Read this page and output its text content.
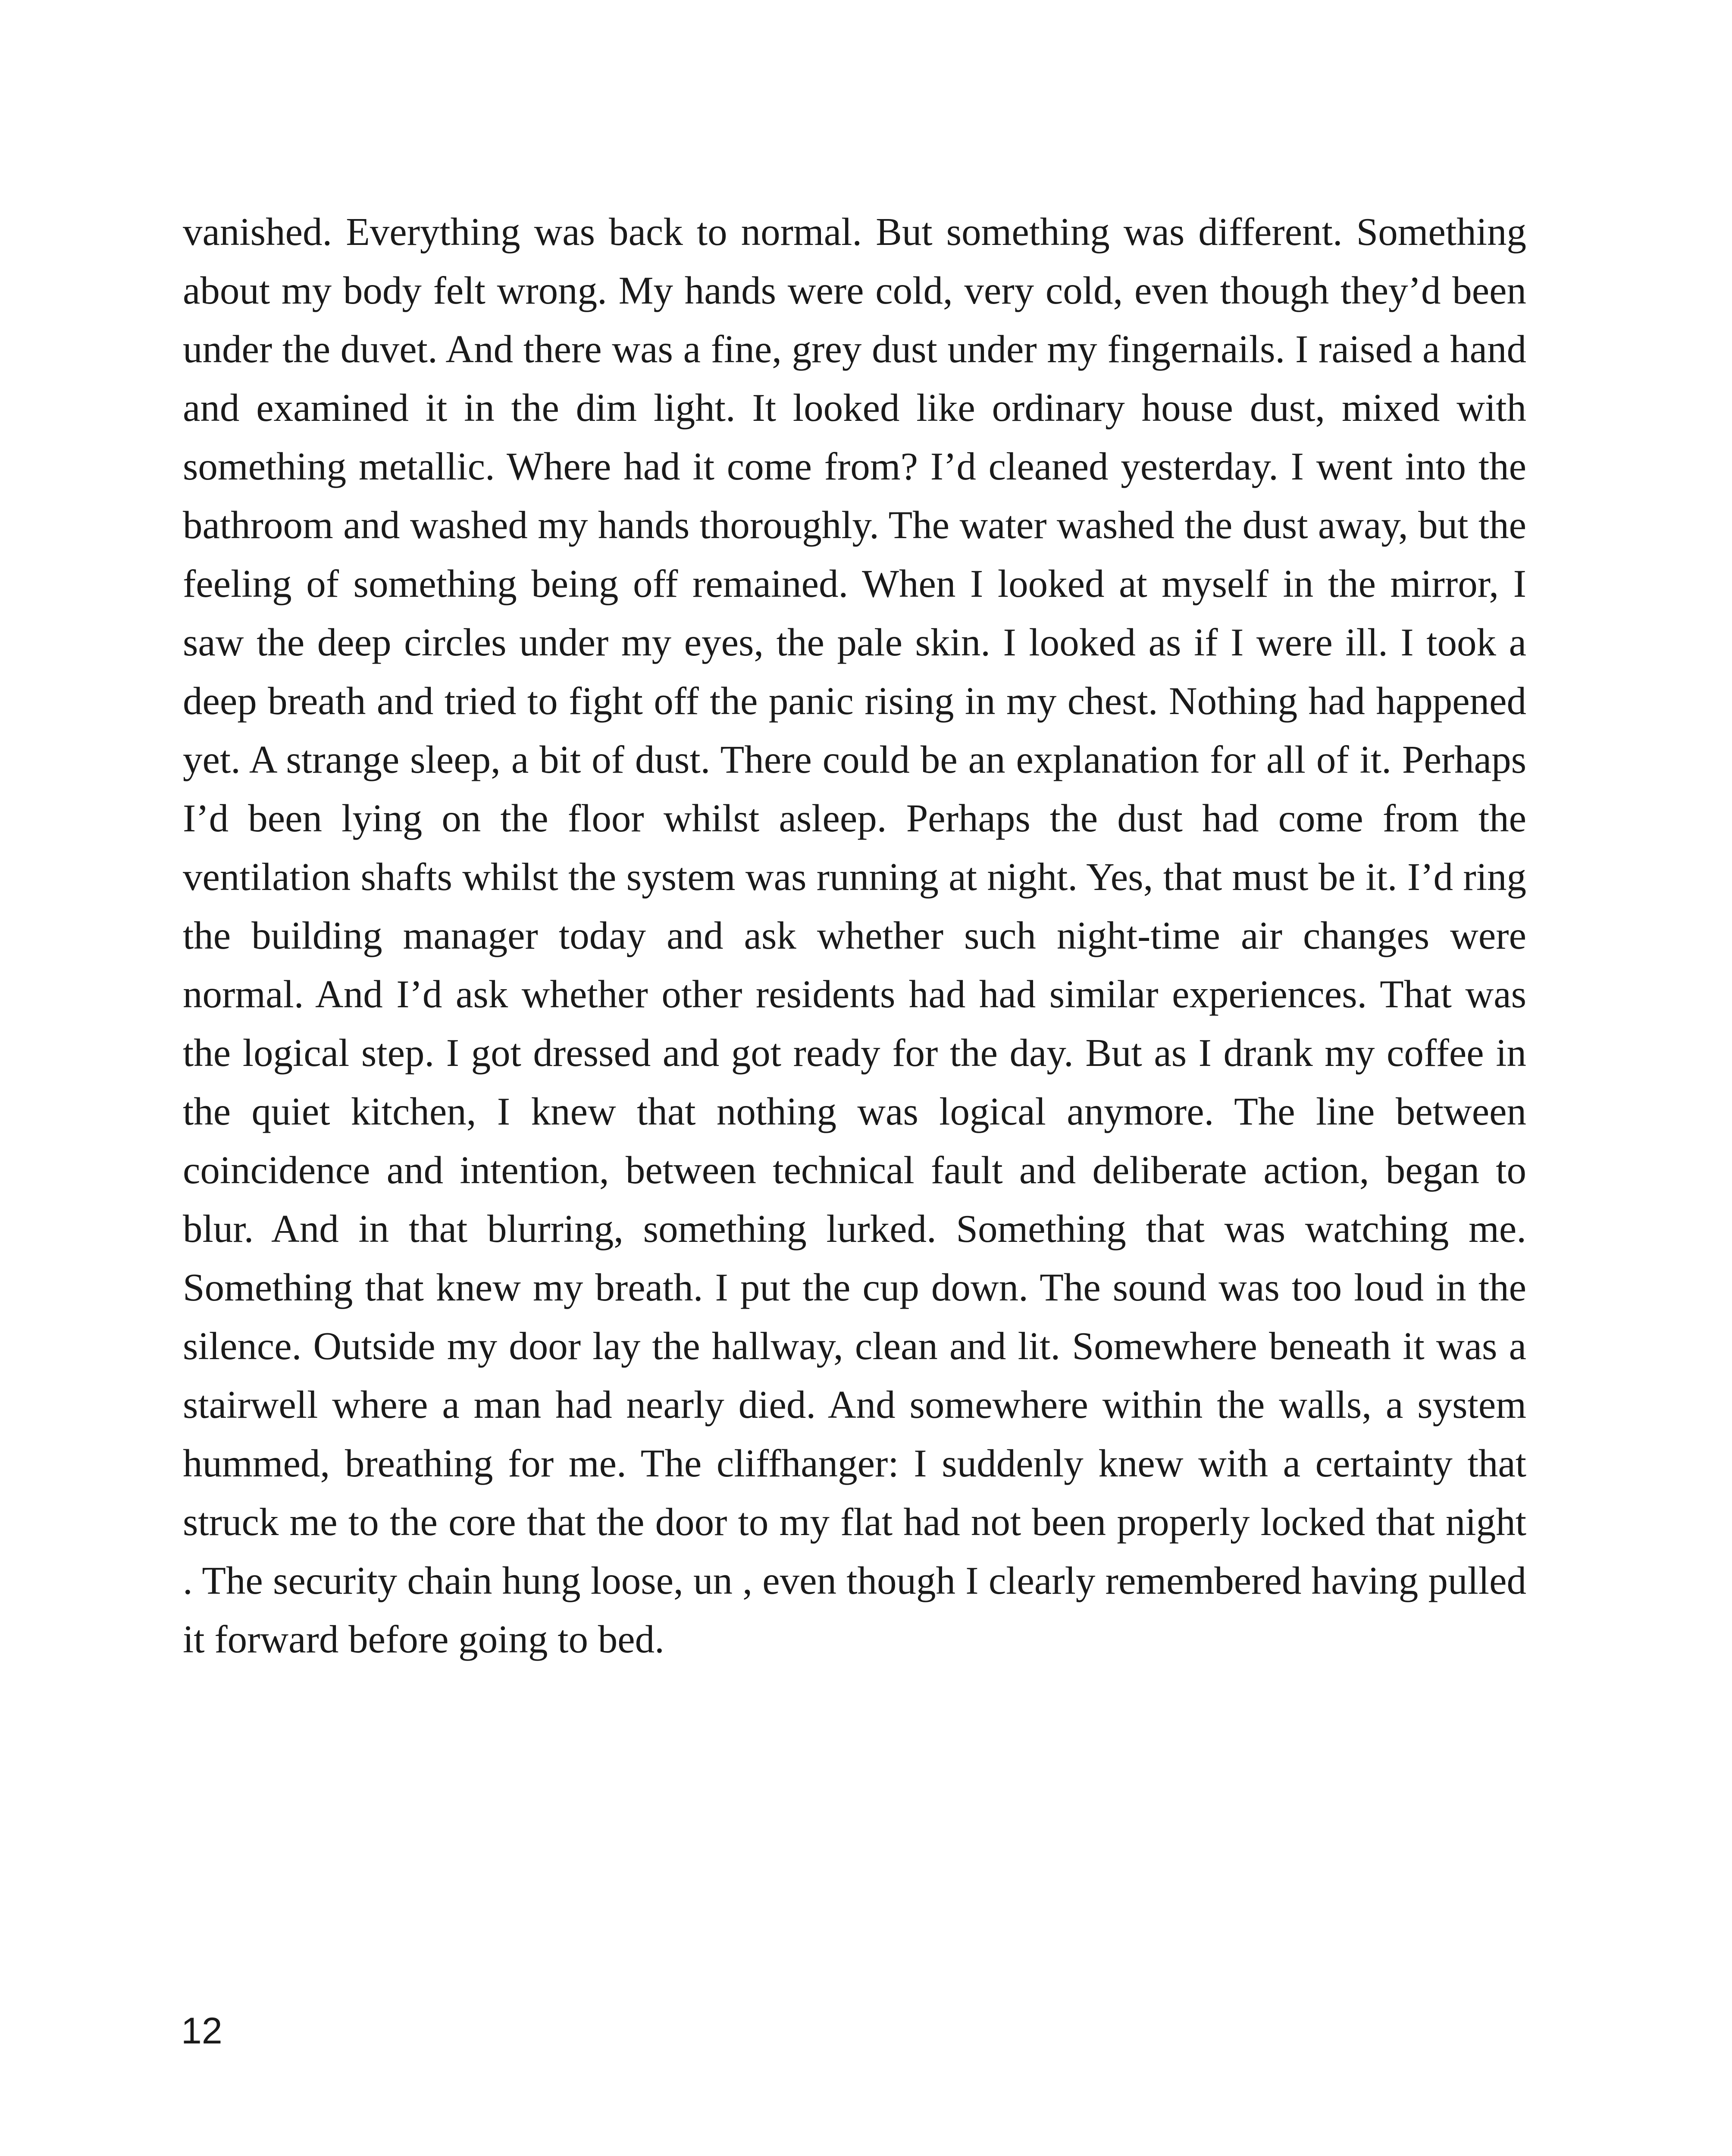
vanished. Everything was back to normal. But something was different. Something about my body felt wrong. My hands were cold, very cold, even though they’d been under the duvet. And there was a fine, grey dust under my fingernails. I raised a hand and examined it in the dim light. It looked like ordinary house dust, mixed with something metallic. Where had it come from? I’d cleaned yesterday. I went into the bathroom and washed my hands thoroughly. The water washed the dust away, but the feeling of something being off remained. When I looked at myself in the mirror, I saw the deep circles under my eyes, the pale skin. I looked as if I were ill. I took a deep breath and tried to fight off the panic rising in my chest. Nothing had happened yet. A strange sleep, a bit of dust. There could be an explanation for all of it. Perhaps I’d been lying on the floor whilst asleep. Perhaps the dust had come from the ventilation shafts whilst the system was running at night. Yes, that must be it. I’d ring the building manager today and ask whether such night-time air changes were normal. And I’d ask whether other residents had had similar experiences. That was the logical step. I got dressed and got ready for the day. But as I drank my coffee in the quiet kitchen, I knew that nothing was logical anymore. The line between coincidence and intention, between technical fault and deliberate action, began to blur. And in that blurring, something lurked. Something that was watching me. Something that knew my breath. I put the cup down. The sound was too loud in the silence. Outside my door lay the hallway, clean and lit. Somewhere beneath it was a stairwell where a man had nearly died. And somewhere within the walls, a system hummed, breathing for me. The cliffhanger: I suddenly knew with a certainty that struck me to the core that the door to my flat had not been properly locked that night . The security chain hung loose, un , even though I clearly remembered having pulled it forward before going to bed.

12
